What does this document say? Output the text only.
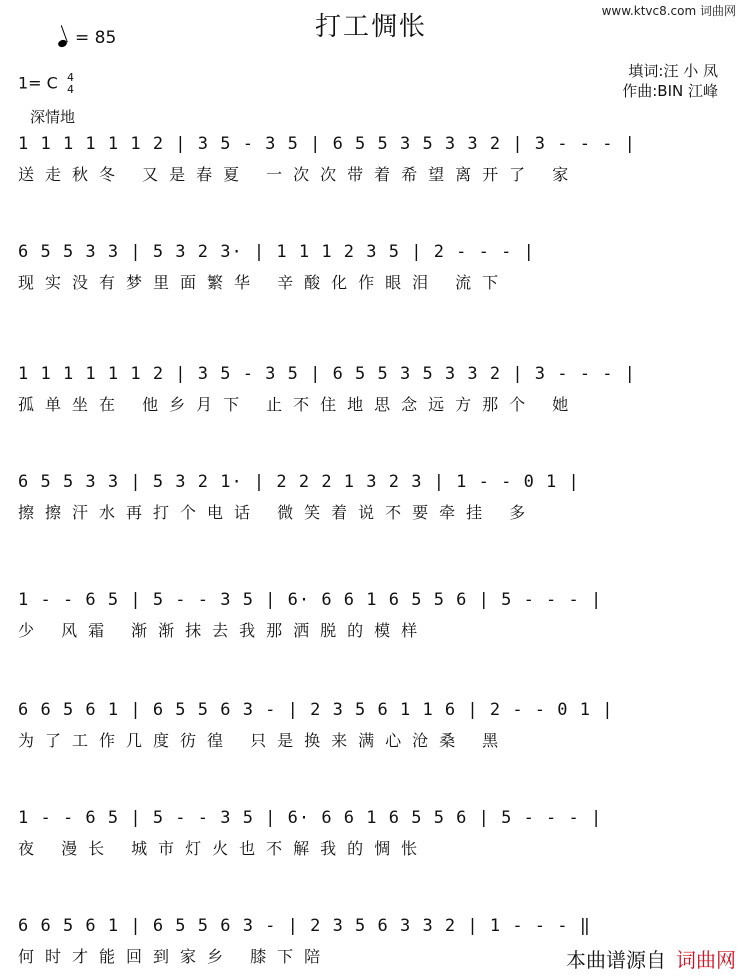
www.ktvc8.com 词曲网
打工惆怅
= 85
填词:汪 小 凤
作曲:BIN 江峰
1= C 4
4
深情地
1 1 1 1 1 1 2 | 3 5 - 3 5 | 6 5 5 3 5 3 3 2 | 3 - - - |
送走秋冬 又是春夏 一次次带着希望离开了 家
6 5 5 3 3 | 5 3 2 3· | 1 1 1 2 3 5 | 2 - - - |
现实没有梦里面繁华 辛酸化作眼泪 流下
1 1 1 1 1 1 2 | 3 5 - 3 5 | 6 5 5 3 5 3 3 2 | 3 - - - |
孤单坐在 他乡月下 止不住地思念远方那个 她
6 5 5 3 3 | 5 3 2 1· | 2 2 2 1 3 2 3 | 1 - - 0 1 |
擦擦汗水再打个电话 微笑着说不要牵挂 多
1 - - 6 5 | 5 - - 3 5 | 6· 6 6 1 6 5 5 6 | 5 - - - |
少 风霜 渐渐抹去我那洒脱的模样
6 6 5 6 1 | 6 5 5 6 3 - | 2 3 5 6 1 1 6 | 2 - - 0 1 |
为了工作几度彷徨 只是换来满心沧桑 黑
1 - - 6 5 | 5 - - 3 5 | 6· 6 6 1 6 5 5 6 | 5 - - - |
夜 漫长 城市灯火也不解我的惆怅
6 6 5 6 1 | 6 5 5 6 3 - | 2 3 5 6 3 3 2 | 1 - - - ‖
何时才能回到家乡 膝下陪	本曲谱源自 词曲网
